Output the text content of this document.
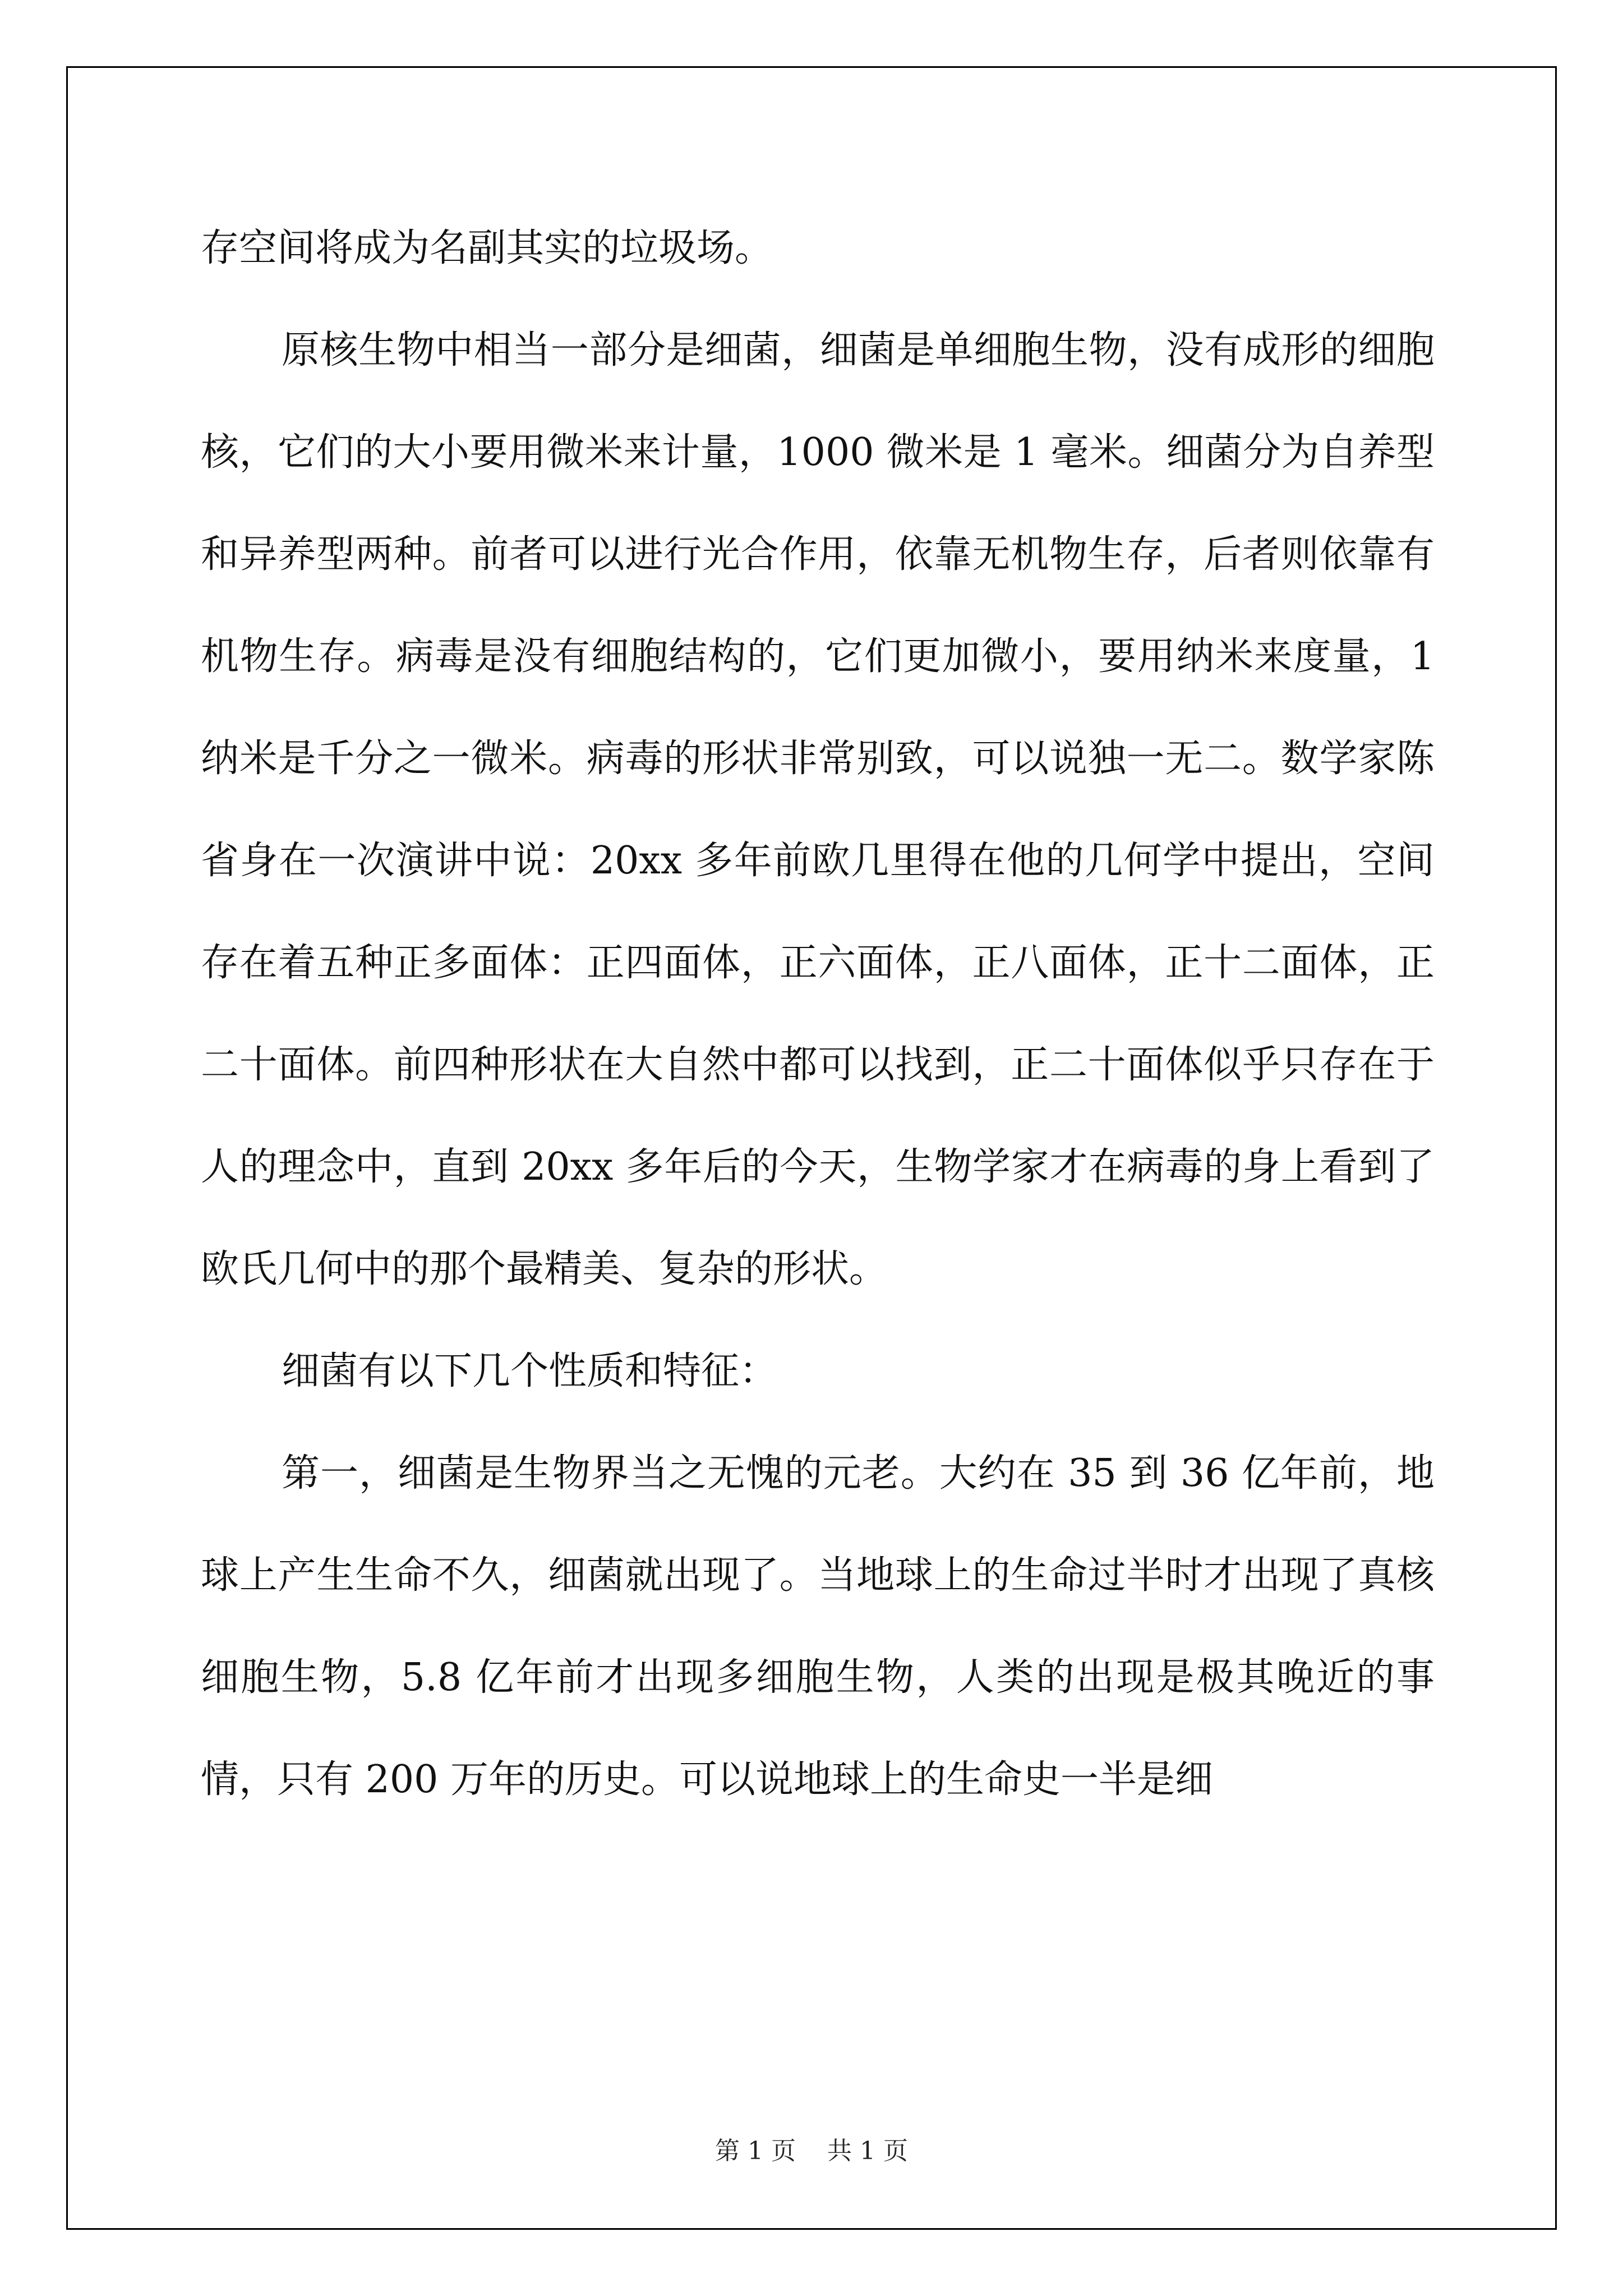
存空间将成为名副其实的垃圾场。

原核生物中相当一部分是细菌，细菌是单细胞生物，没有成形的细胞核，它们的大小要用微米来计量，1000 微米是 1 毫米。细菌分为自养型和异养型两种。前者可以进行光合作用，依靠无机物生存，后者则依靠有机物生存。病毒是没有细胞结构的，它们更加微小，要用纳米来度量，1 纳米是千分之一微米。病毒的形状非常别致，可以说独一无二。数学家陈省身在一次演讲中说：20xx 多年前欧几里得在他的几何学中提出，空间存在着五种正多面体：正四面体，正六面体，正八面体，正十二面体，正二十面体。前四种形状在大自然中都可以找到，正二十面体似乎只存在于人的理念中，直到 20xx 多年后的今天，生物学家才在病毒的身上看到了欧氏几何中的那个最精美、复杂的形状。

细菌有以下几个性质和特征：

第一，细菌是生物界当之无愧的元老。大约在 35 到 36 亿年前，地球上产生生命不久，细菌就出现了。当地球上的生命过半时才出现了真核细胞生物，5.8 亿年前才出现多细胞生物，人类的出现是极其晚近的事情，只有 200 万年的历史。可以说地球上的生命史一半是细

第 1 页 共 1 页
